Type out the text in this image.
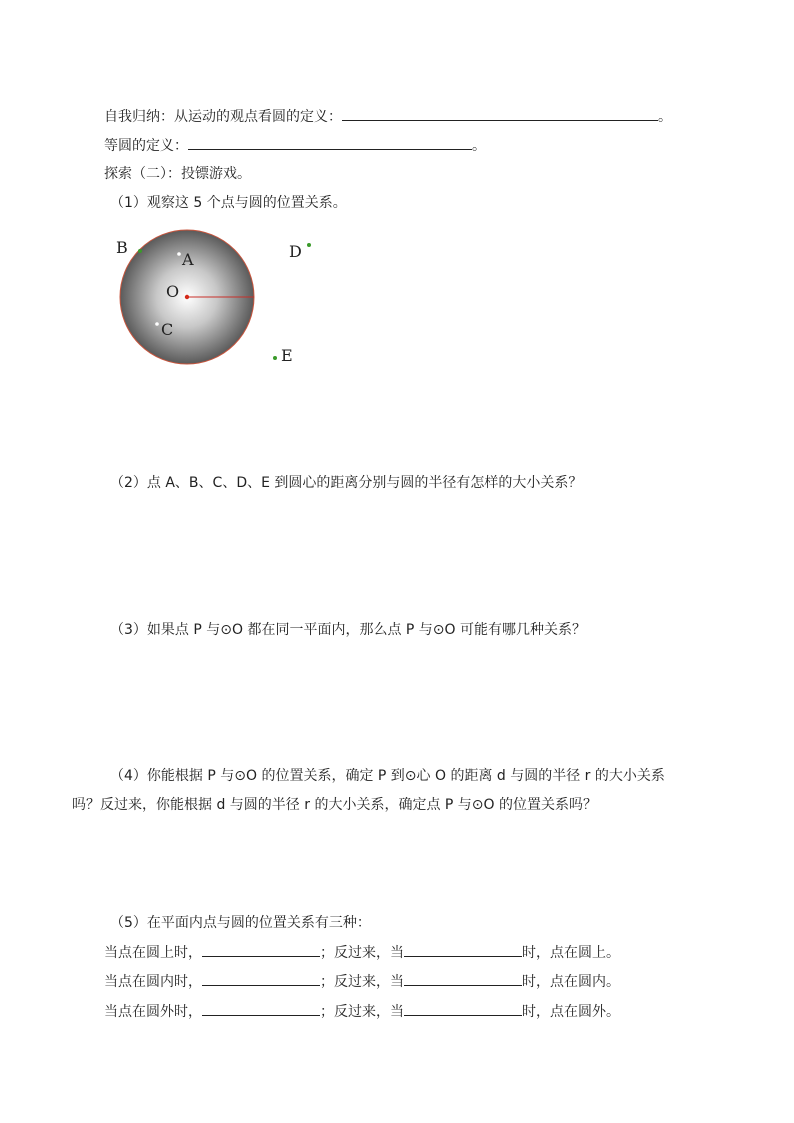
自我归纳：从运动的观点看圆的定义：	。
等圆的定义：	。
探索（二）：投镖游戏。
（1）观察这 5 个点与圆的位置关系。
B
A
O
C
D
E
（2）点 A、B、C、D、E 到圆心的距离分别与圆的半径有怎样的大小关系？
（3）如果点 P 与⊙O 都在同一平面内，那么点 P 与⊙O 可能有哪几种关系？
（4）你能根据 P 与⊙O 的位置关系，确定 P 到⊙心 O 的距离 d 与圆的半径 r 的大小关系
吗？反过来，你能根据 d 与圆的半径 r 的大小关系，确定点 P 与⊙O 的位置关系吗？
（5）在平面内点与圆的位置关系有三种：
当点在圆上时，	；反过来，当	时，点在圆上。
当点在圆内时，	；反过来，当	时，点在圆内。
当点在圆外时，	；反过来，当	时，点在圆外。
